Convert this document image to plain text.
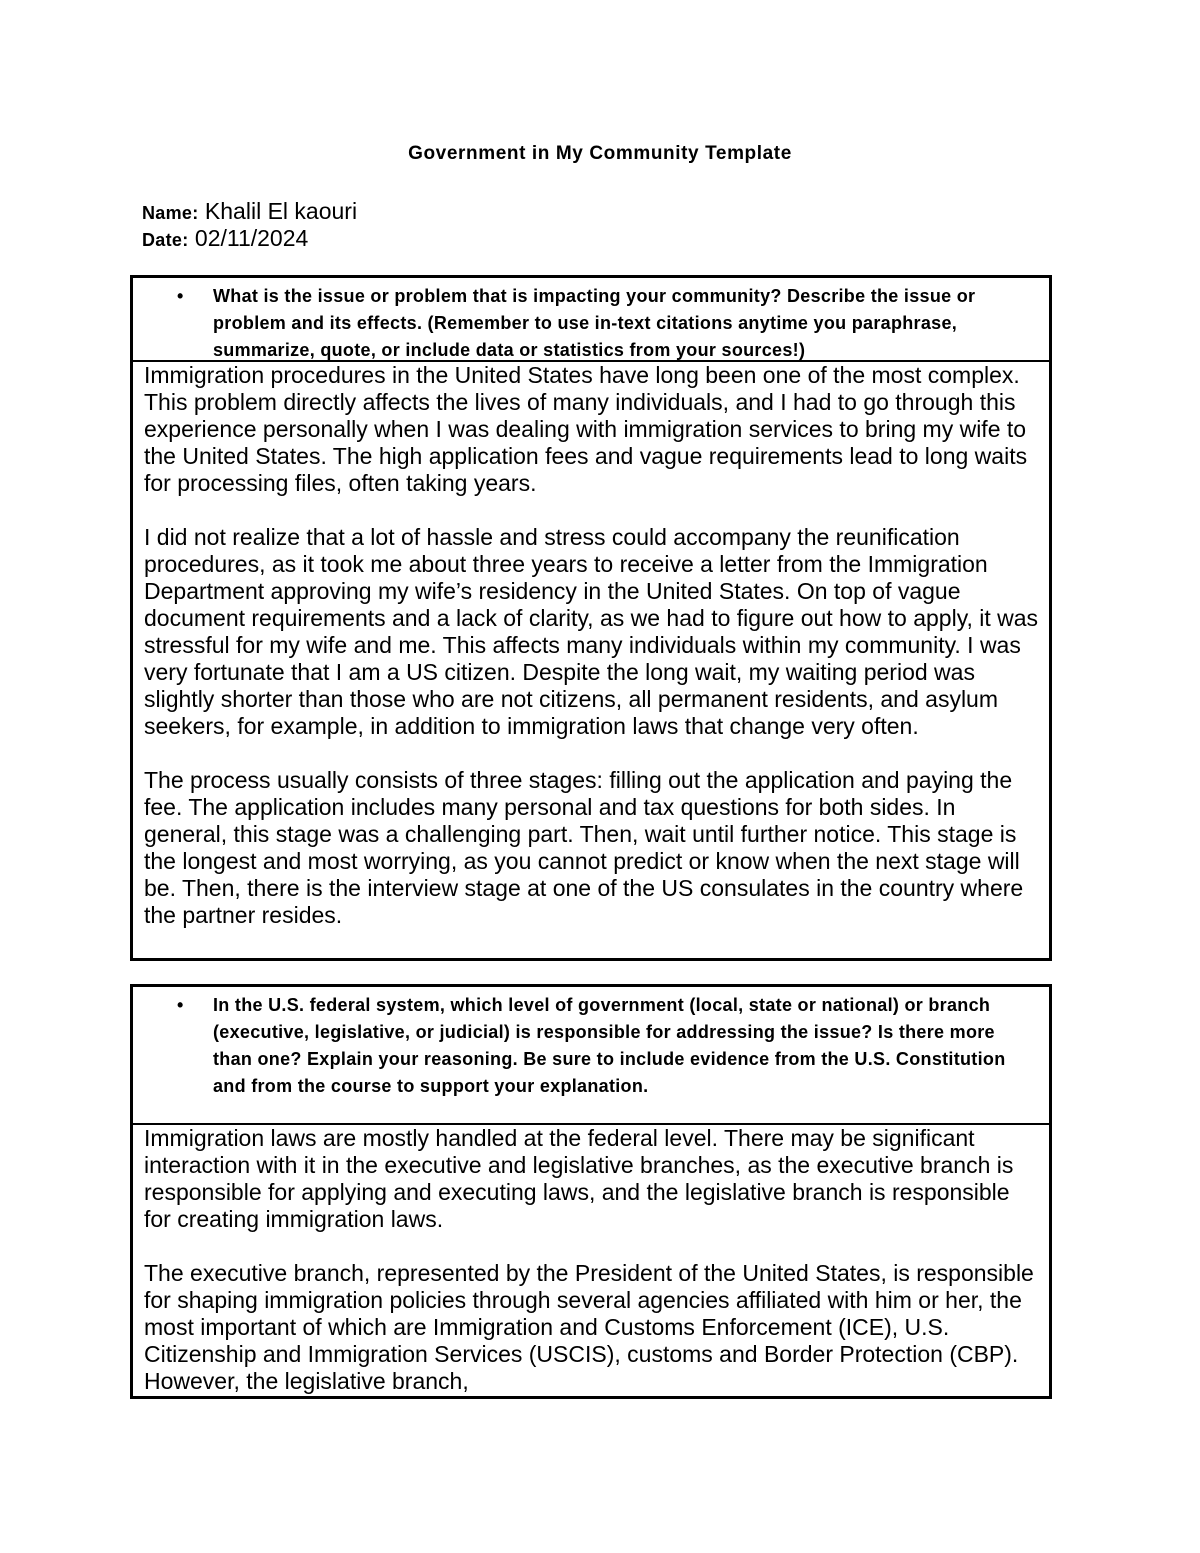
Government in My Community Template
Name: Khalil El kaouri
Date: 02/11/2024
• What is the issue or problem that is impacting your community? Describe the issue or problem and its effects. (Remember to use in-text citations anytime you paraphrase, summarize, quote, or include data or statistics from your sources!)

Immigration procedures in the United States have long been one of the most complex. This problem directly affects the lives of many individuals, and I had to go through this experience personally when I was dealing with immigration services to bring my wife to the United States. The high application fees and vague requirements lead to long waits for processing files, often taking years.

I did not realize that a lot of hassle and stress could accompany the reunification procedures, as it took me about three years to receive a letter from the Immigration Department approving my wife’s residency in the United States. On top of vague document requirements and a lack of clarity, as we had to figure out how to apply, it was stressful for my wife and me. This affects many individuals within my community. I was very fortunate that I am a US citizen. Despite the long wait, my waiting period was slightly shorter than those who are not citizens, all permanent residents, and asylum seekers, for example, in addition to immigration laws that change very often.

The process usually consists of three stages: filling out the application and paying the fee. The application includes many personal and tax questions for both sides. In general, this stage was a challenging part. Then, wait until further notice. This stage is the longest and most worrying, as you cannot predict or know when the next stage will be. Then, there is the interview stage at one of the US consulates in the country where the partner resides.

• In the U.S. federal system, which level of government (local, state or national) or branch (executive, legislative, or judicial) is responsible for addressing the issue? Is there more than one? Explain your reasoning. Be sure to include evidence from the U.S. Constitution and from the course to support your explanation.

Immigration laws are mostly handled at the federal level. There may be significant interaction with it in the executive and legislative branches, as the executive branch is responsible for applying and executing laws, and the legislative branch is responsible for creating immigration laws.

The executive branch, represented by the President of the United States, is responsible for shaping immigration policies through several agencies affiliated with him or her, the most important of which are Immigration and Customs Enforcement (ICE), U.S. Citizenship and Immigration Services (USCIS), customs and Border Protection (CBP). However, the legislative branch,
